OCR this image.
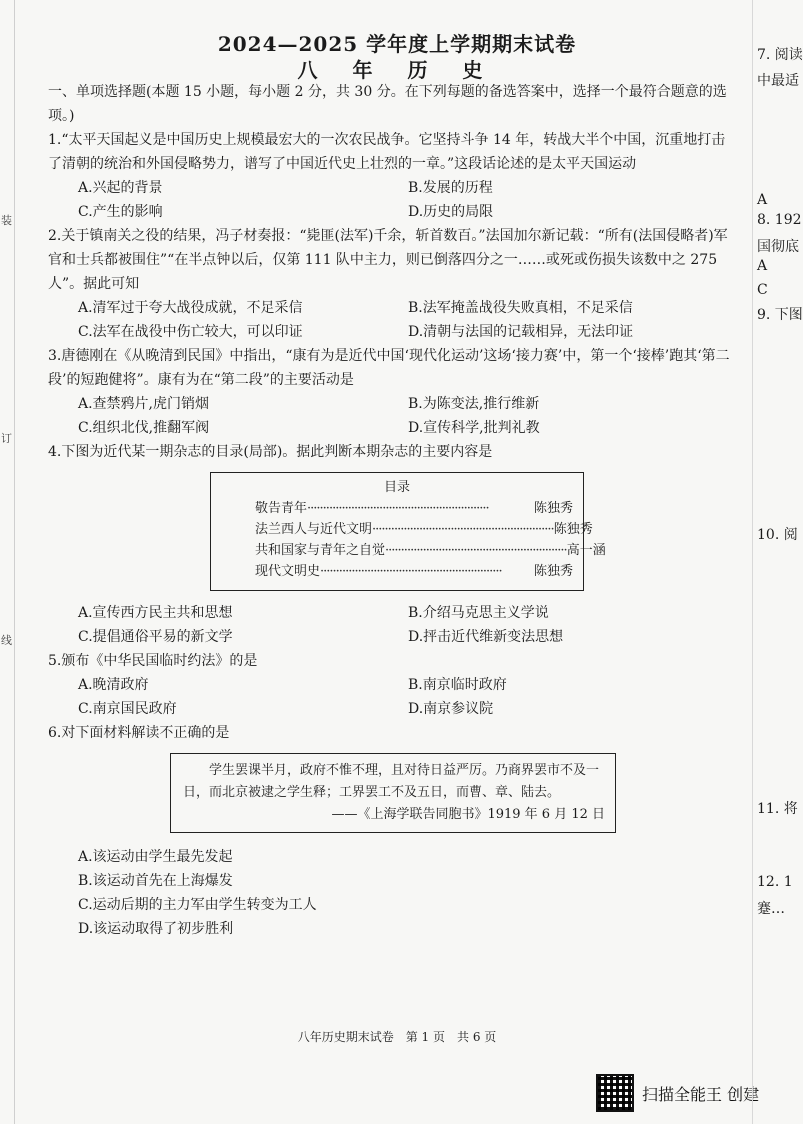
装
订
线
2024—2025 学年度上学期期末试卷
八 年 历 史

一、单项选择题(本题 15 小题，每小题 2 分，共 30 分。在下列每题的备选答案中，选择一个最符合题意的选项。)

1.“太平天国起义是中国历史上规模最宏大的一次农民战争。它坚持斗争 14 年，转战大半个中国，沉重地打击了清朝的统治和外国侵略势力，谱写了中国近代史上壮烈的一章。”这段话论述的是太平天国运动

A.兴起的背景	B.发展的历程
C.产生的影响	D.历史的局限

2.关于镇南关之役的结果，冯子材奏报：“毙匪(法军)千余，斩首数百。”法国加尔新记载：“所有(法国侵略者)军官和士兵都被围住”“在半点钟以后，仅第 111 队中主力，则已倒落四分之一……或死或伤损失该数中之 275 人”。据此可知

A.清军过于夸大战役成就，不足采信	B.法军掩盖战役失败真相，不足采信
C.法军在战役中伤亡较大，可以印证	D.清朝与法国的记载相异，无法印证

3.唐德刚在《从晚清到民国》中指出，“康有为是近代中国‘现代化运动’这场‘接力赛’中，第一个‘接棒’跑其‘第二段’的短跑健将”。康有为在“第二段”的主要活动是

A.查禁鸦片,虎门销烟	B.为陈变法,推行维新
C.组织北伐,推翻军阀	D.宣传科学,批判礼教

4.下图为近代某一期杂志的目录(局部)。据此判断本期杂志的主要内容是

目录
敬告青年 ··························································	陈独秀
法兰西人与近代文明 ·························································· 陈独秀
共和国家与青年之自觉 ·························································· 高一涵
现代文明史 ··························································	陈独秀
A.宣传西方民主共和思想	B.介绍马克思主义学说
C.提倡通俗平易的新文学	D.抨击近代维新变法思想

5.颁布《中华民国临时约法》的是

A.晚清政府	B.南京临时政府
C.南京国民政府	D.南京参议院

6.对下面材料解读不正确的是

学生罢课半月，政府不惟不理，且对待日益严厉。乃商界罢市不及一日，而北京被逮之学生释；工界罢工不及五日，而曹、章、陆去。

——《上海学联告同胞书》1919 年 6 月 12 日

A.该运动由学生最先发起
B.该运动首先在上海爆发
C.运动后期的主力军由学生转变为工人
D.该运动取得了初步胜利
八年历史期末试卷　第 1 页　共 6 页
扫描全能王 创建
7. 阅读
中最适
A
8. 192
国彻底
A
C
9. 下图
10. 阅
11. 将
12. 1
蹇…
